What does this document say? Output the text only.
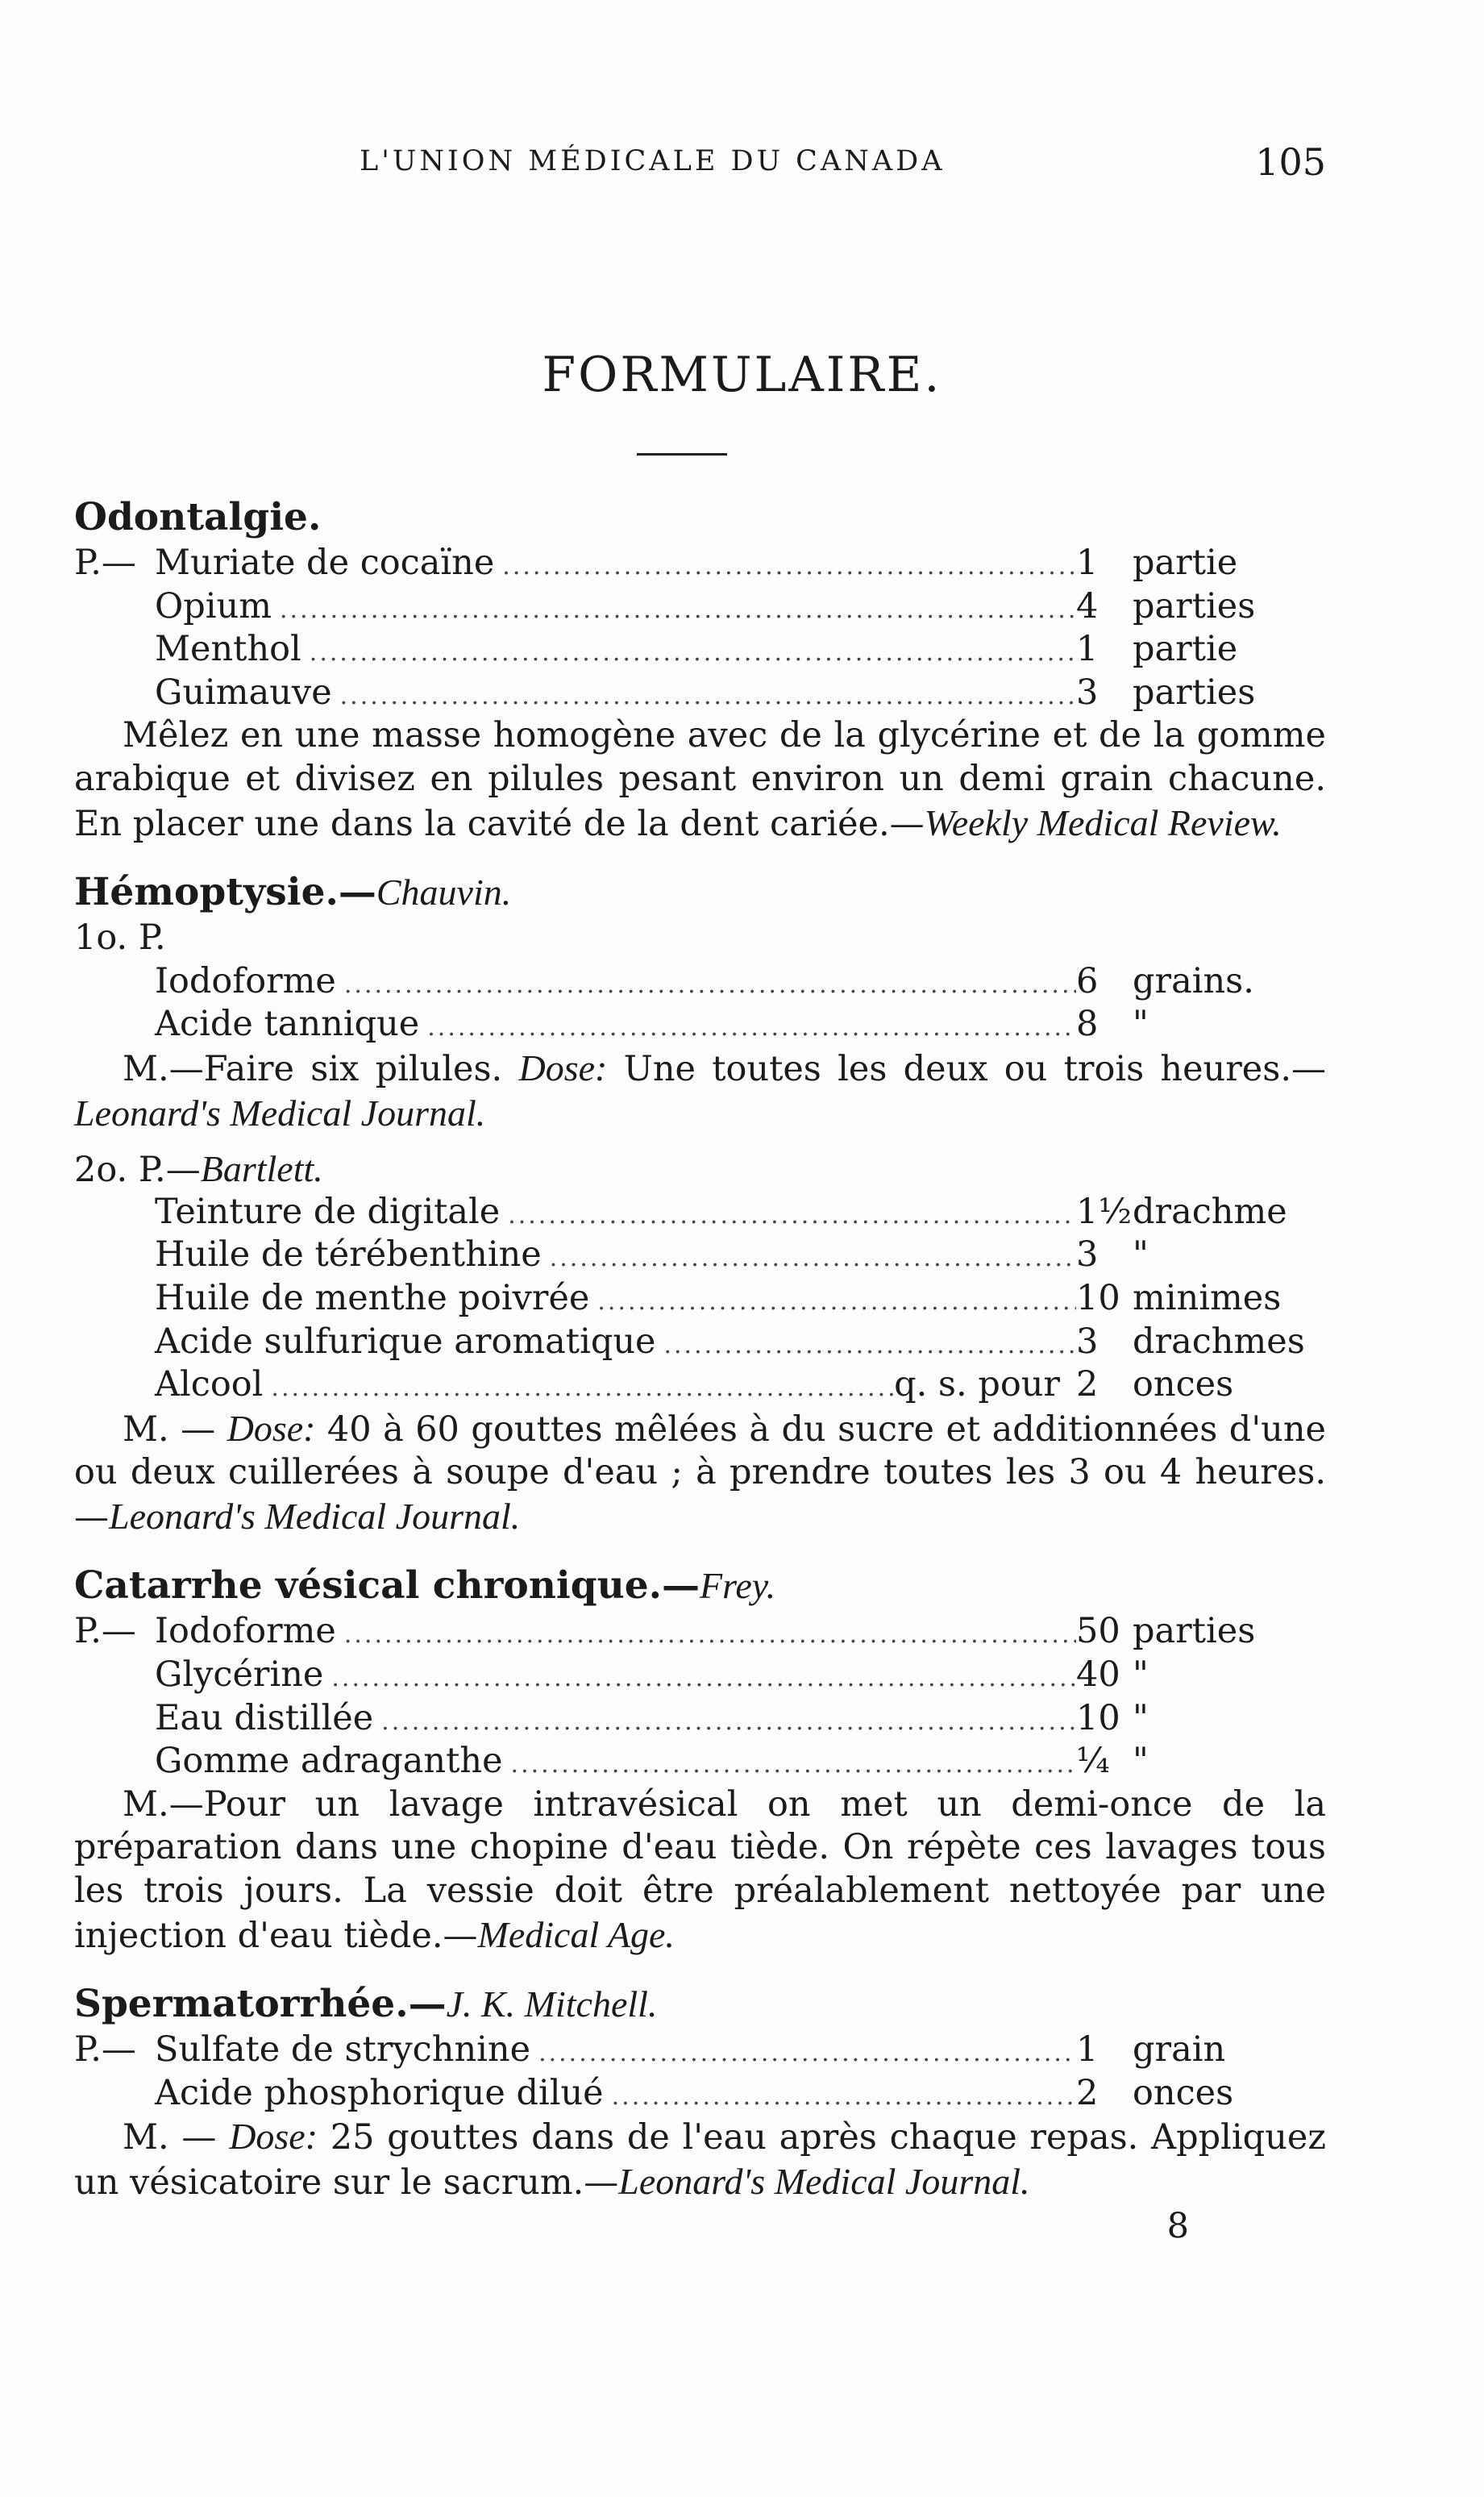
L'UNION MÉDICALE DU CANADA	105
FORMULAIRE.
Odontalgie.
P.— Muriate de cocaïne .....	1 partie
Opium .....	4 parties
Menthol .....	1 partie
Guimauve .....	3 parties

Mêlez en une masse homogène avec de la glycérine et de la gomme arabique et divisez en pilules pesant environ un demi grain chacune. En placer une dans la cavité de la dent cariée.—Weekly Medical Review.

Hémoptysie.—Chauvin.
1o. P.
Iodoforme .....	6 grains.
Acide tannique .....	8 "

M.—Faire six pilules. Dose: Une toutes les deux ou trois heures.—Leonard's Medical Journal.

2o. P.—Bartlett.
Teinture de digitale .....	1½ drachme
Huile de térébenthine .....	3 "
Huile de menthe poivrée .....	10 minimes
Acide sulfurique aromatique .....	3 drachmes
Alcool .....	q. s. pour 2 onces

M. — Dose: 40 à 60 gouttes mêlées à du sucre et additionnées d'une ou deux cuillerées à soupe d'eau ; à prendre toutes les 3 ou 4 heures.—Leonard's Medical Journal.

Catarrhe vésical chronique.—Frey.
P.— Iodoforme .....	50 parties
Glycérine .....	40 "
Eau distillée .....	10 "
Gomme adraganthe .....	¼ "

M.—Pour un lavage intravésical on met un demi-once de la préparation dans une chopine d'eau tiède. On répète ces lavages tous les trois jours. La vessie doit être préalablement nettoyée par une injection d'eau tiède.—Medical Age.

Spermatorrhée.—J. K. Mitchell.
P.— Sulfate de strychnine .....	1 grain
Acide phosphorique dilué .....	2 onces

M. — Dose: 25 gouttes dans de l'eau après chaque repas. Appliquez un vésicatoire sur le sacrum.—Leonard's Medical Journal.

8
